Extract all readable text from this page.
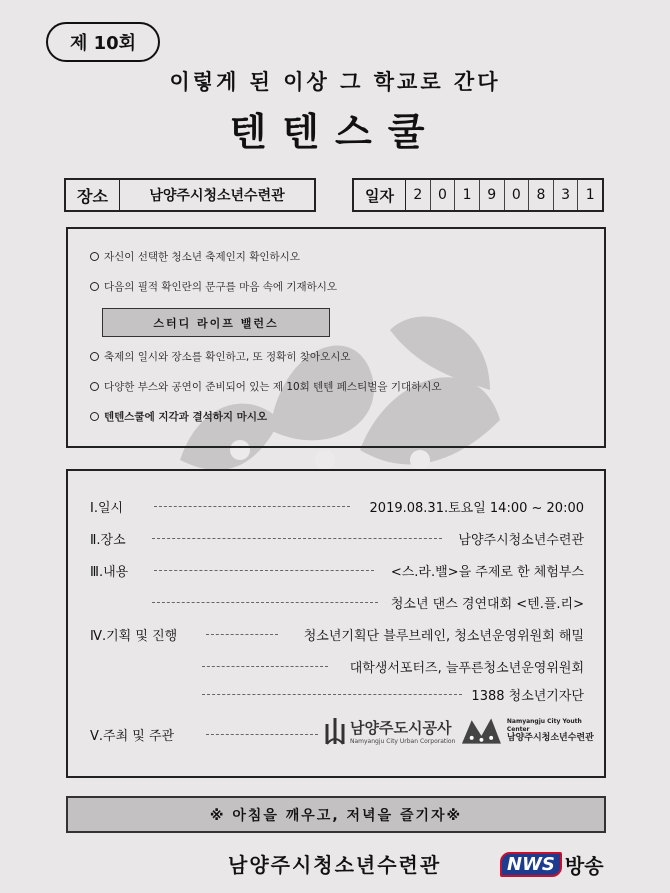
제 10회
이렇게 된 이상 그 학교로 간다
텐텐스쿨
장소	남양주시청소년수련관	일자	2	0	1	9	0	8	3	1
자신이 선택한 청소년 축제인지 확인하시오
다음의 필적 확인란의 문구를 마음 속에 기재하시오
스터디 라이프 밸런스
축제의 일시와 장소를 확인하고, 또 정확히 찾아오시오
다양한 부스와 공연이 준비되어 있는 제 10회 텐텐 페스티벌을 기대하시오
텐텐스쿨에 지각과 결석하지 마시오
Ⅰ.일시	2019.08.31.토요일 14:00 ~ 20:00
Ⅱ.장소	남양주시청소년수련관
Ⅲ.내용	<스.라.밸>을 주제로 한 체험부스
청소년 댄스 경연대회 <텐.플.리>
Ⅳ.기획 및 진행	청소년기획단 블루브레인, 청소년운영위원회 해밀
대학생서포터즈, 늘푸른청소년운영위원회
1388 청소년기자단
Ⅴ.주최 및 주관	남양주도시공사
Namyangju City Urban Corporation
Namyangju City Youth Center
남양주시청소년수련관
※ 아침을 깨우고, 저녁을 즐기자※
남양주시청소년수련관	NWS 방송
